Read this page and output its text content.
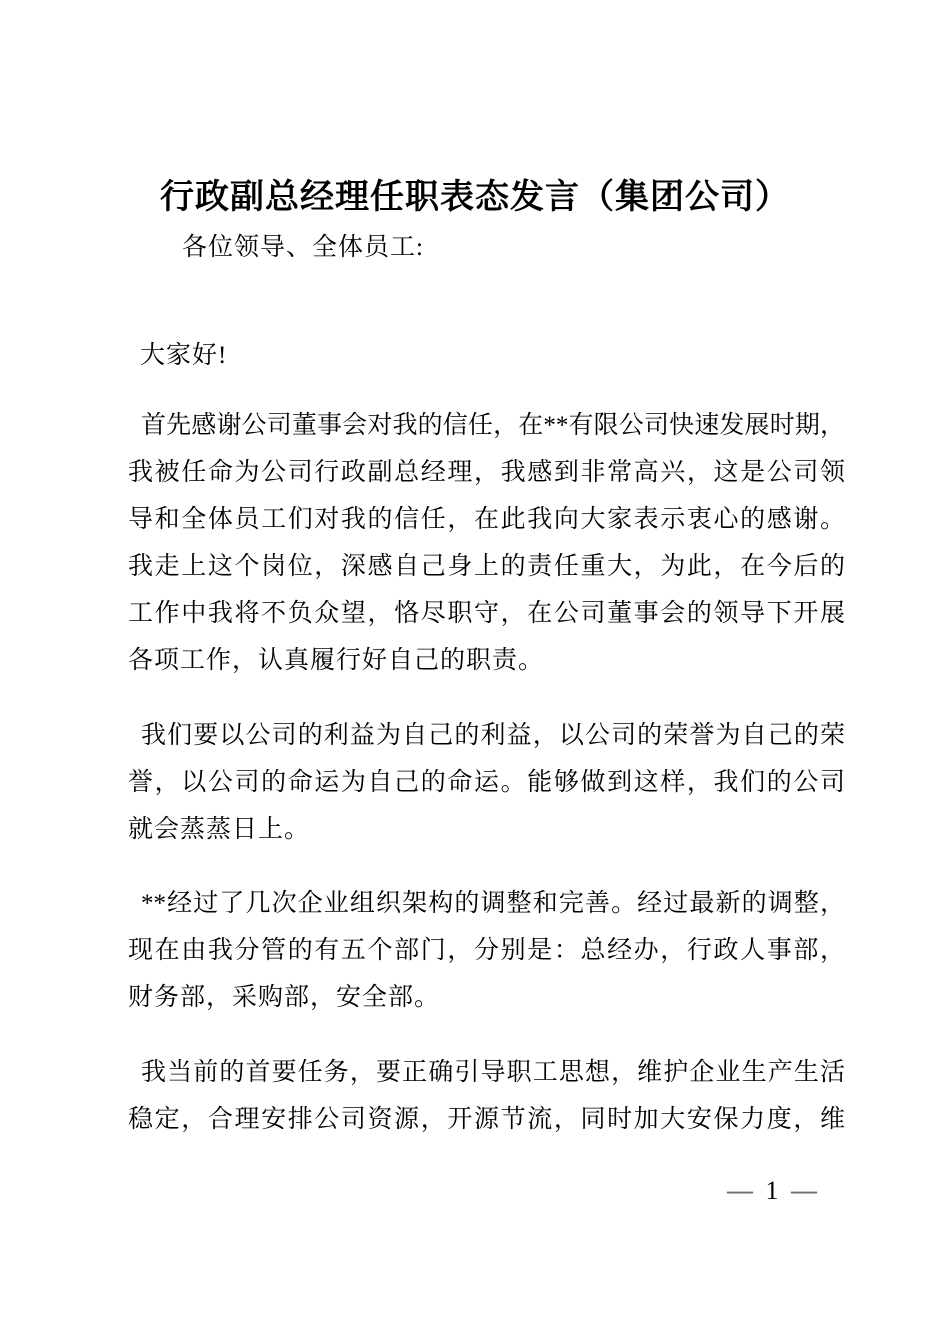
行政副总经理任职表态发言（集团公司）
各位领导、全体员工:
大家好!
首先感谢公司董事会对我的信任，在**有限公司快速发展时期，
我被任命为公司行政副总经理，我感到非常高兴，这是公司领
导和全体员工们对我的信任，在此我向大家表示衷心的感谢。
我走上这个岗位，深感自己身上的责任重大，为此，在今后的
工作中我将不负众望，恪尽职守，在公司董事会的领导下开展
各项工作，认真履行好自己的职责。
我们要以公司的利益为自己的利益，以公司的荣誉为自己的荣
誉，以公司的命运为自己的命运。能够做到这样，我们的公司
就会蒸蒸日上。
**经过了几次企业组织架构的调整和完善。经过最新的调整，
现在由我分管的有五个部门，分别是：总经办，行政人事部，
财务部，采购部，安全部。
我当前的首要任务，要正确引导职工思想，维护企业生产生活
稳定，合理安排公司资源，开源节流，同时加大安保力度，维
— 1 —
